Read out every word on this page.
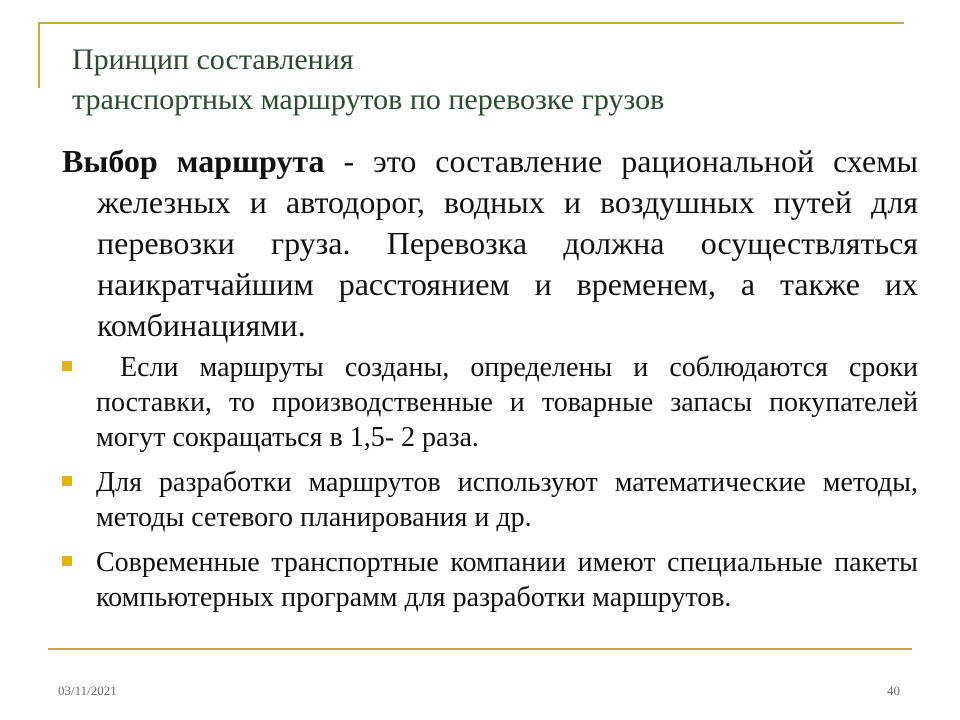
Принцип составления
транспортных маршрутов по перевозке грузов
Выбор маршрута - это составление рациональной схемы железных и автодорог, водных и воздушных путей для перевозки груза. Перевозка должна осуществляться наикратчайшим расстоянием и временем, а также их комбинациями.
Если маршруты созданы, определены и соблюдаются сроки поставки, то производственные и товарные запасы покупателей могут сокращаться в 1,5- 2 раза.
Для разработки маршрутов используют математические методы, методы сетевого планирования и др.
Современные транспортные компании имеют специальные пакеты компьютерных программ для разработки маршрутов.
03/11/2021	40
